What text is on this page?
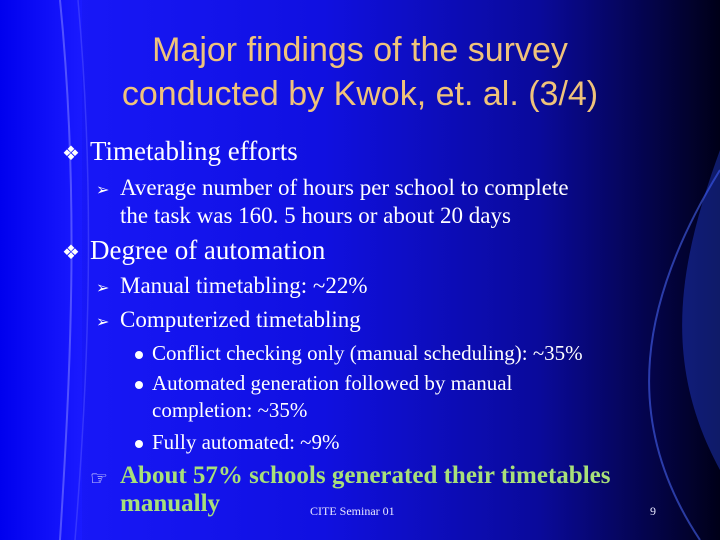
Major findings of the survey
conducted by Kwok, et. al. (3/4)
❖ Timetabling efforts
➢ Average number of hours per school to complete
the task was 160. 5 hours or about 20 days
❖ Degree of automation
➢ Manual timetabling: ~22%
➢ Computerized timetabling
Conflict checking only (manual scheduling): ~35%
Automated generation followed by manual
completion: ~35%
Fully automated: ~9%
☞ About 57% schools generated their timetables
manually	CITE Seminar 01	9
